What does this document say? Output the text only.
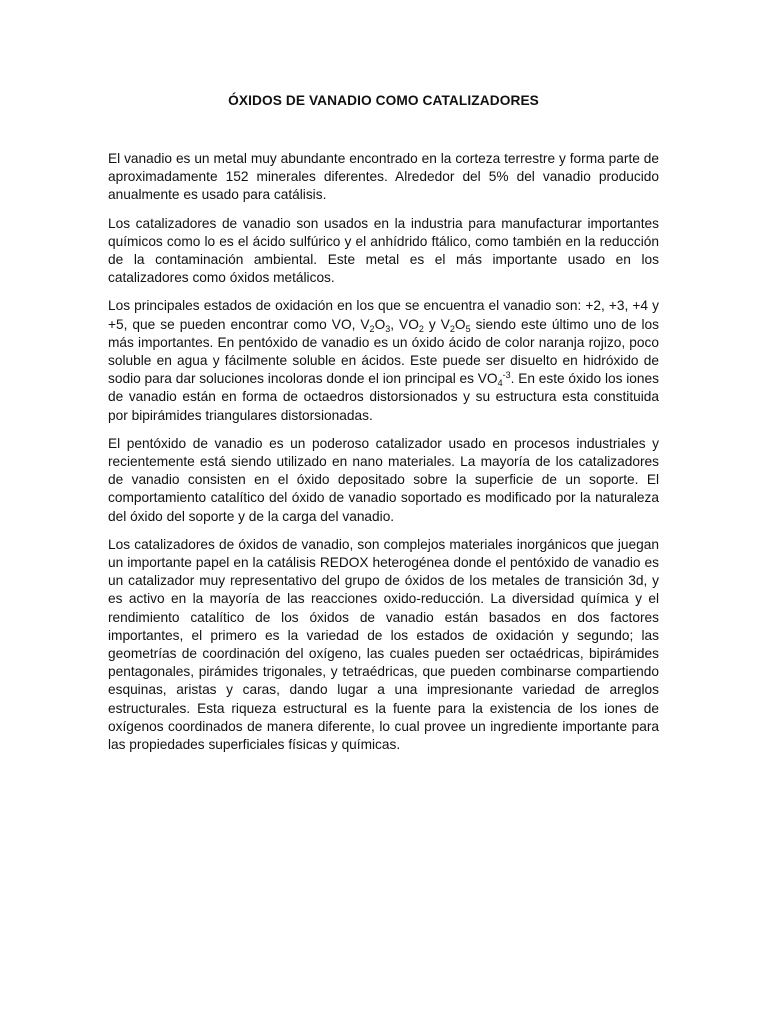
ÓXIDOS DE VANADIO COMO CATALIZADORES

El vanadio es un metal muy abundante encontrado en la corteza terrestre y forma parte de aproximadamente 152 minerales diferentes. Alrededor del 5% del vanadio producido anualmente es usado para catálisis.

Los catalizadores de vanadio son usados en la industria para manufacturar importantes químicos como lo es el ácido sulfúrico y el anhídrido ftálico, como también en la reducción de la contaminación ambiental. Este metal es el más importante usado en los catalizadores como óxidos metálicos.

Los principales estados de oxidación en los que se encuentra el vanadio son: +2, +3, +4 y +5, que se pueden encontrar como VO, $V_2O_3$, $VO_2$ y $V_2O_5$ siendo este último uno de los más importantes. En pentóxido de vanadio es un óxido ácido de color naranja rojizo, poco soluble en agua y fácilmente soluble en ácidos. Este puede ser disuelto en hidróxido de sodio para dar soluciones incoloras donde el ion principal es $VO_4^{-3}$. En este óxido los iones de vanadio están en forma de octaedros distorsionados y su estructura esta constituida por bipirámides triangulares distorsionadas.

El pentóxido de vanadio es un poderoso catalizador usado en procesos industriales y recientemente está siendo utilizado en nano materiales. La mayoría de los catalizadores de vanadio consisten en el óxido depositado sobre la superficie de un soporte. El comportamiento catalítico del óxido de vanadio soportado es modificado por la naturaleza del óxido del soporte y de la carga del vanadio.

Los catalizadores de óxidos de vanadio, son complejos materiales inorgánicos que juegan un importante papel en la catálisis REDOX heterogénea donde el pentóxido de vanadio es un catalizador muy representativo del grupo de óxidos de los metales de transición 3d, y es activo en la mayoría de las reacciones oxido-reducción. La diversidad química y el rendimiento catalítico de los óxidos de vanadio están basados en dos factores importantes, el primero es la variedad de los estados de oxidación y segundo; las geometrías de coordinación del oxígeno, las cuales pueden ser octaédricas, bipirámides pentagonales, pirámides trigonales, y tetraédricas, que pueden combinarse compartiendo esquinas, aristas y caras, dando lugar a una impresionante variedad de arreglos estructurales. Esta riqueza estructural es la fuente para la existencia de los iones de oxígenos coordinados de manera diferente, lo cual provee un ingrediente importante para las propiedades superficiales físicas y químicas.
